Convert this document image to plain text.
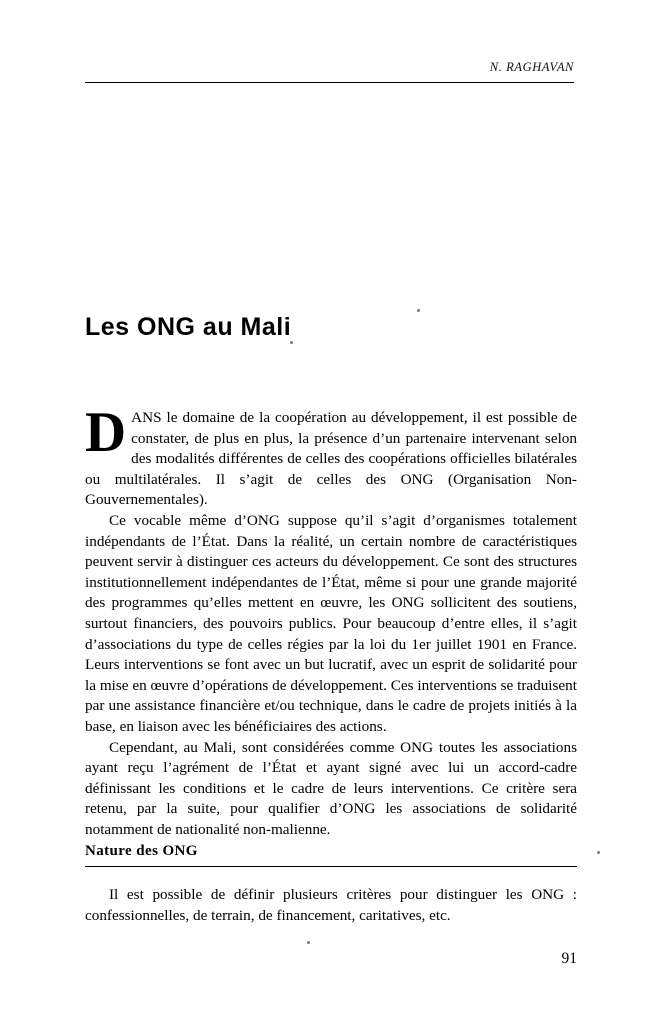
N. RAGHAVAN
Les ONG au Mali

DANS le domaine de la coopération au développement, il est possible de constater, de plus en plus, la présence d’un partenaire intervenant selon des modalités différentes de celles des coopérations officielles bilatérales ou multilatérales. Il s’agit de celles des ONG (Organisation Non-Gouvernementales).

Ce vocable même d’ONG suppose qu’il s’agit d’organismes totalement indépendants de l’État. Dans la réalité, un certain nombre de caractéristiques peuvent servir à distinguer ces acteurs du développement. Ce sont des structures institutionnellement indépendantes de l’État, même si pour une grande majorité des programmes qu’elles mettent en œuvre, les ONG sollicitent des soutiens, surtout financiers, des pouvoirs publics. Pour beaucoup d’entre elles, il s’agit d’associations du type de celles régies par la loi du 1er juillet 1901 en France. Leurs interventions se font avec un but lucratif, avec un esprit de solidarité pour la mise en œuvre d’opérations de développement. Ces interventions se traduisent par une assistance financière et/ou technique, dans le cadre de projets initiés à la base, en liaison avec les bénéficiaires des actions.

Cependant, au Mali, sont considérées comme ONG toutes les associations ayant reçu l’agrément de l’État et ayant signé avec lui un accord-cadre définissant les conditions et le cadre de leurs interventions. Ce critère sera retenu, par la suite, pour qualifier d’ONG les associations de solidarité notamment de nationalité non-malienne.

Nature des ONG

Il est possible de définir plusieurs critères pour distinguer les ONG : confessionnelles, de terrain, de financement, caritatives, etc.

91
